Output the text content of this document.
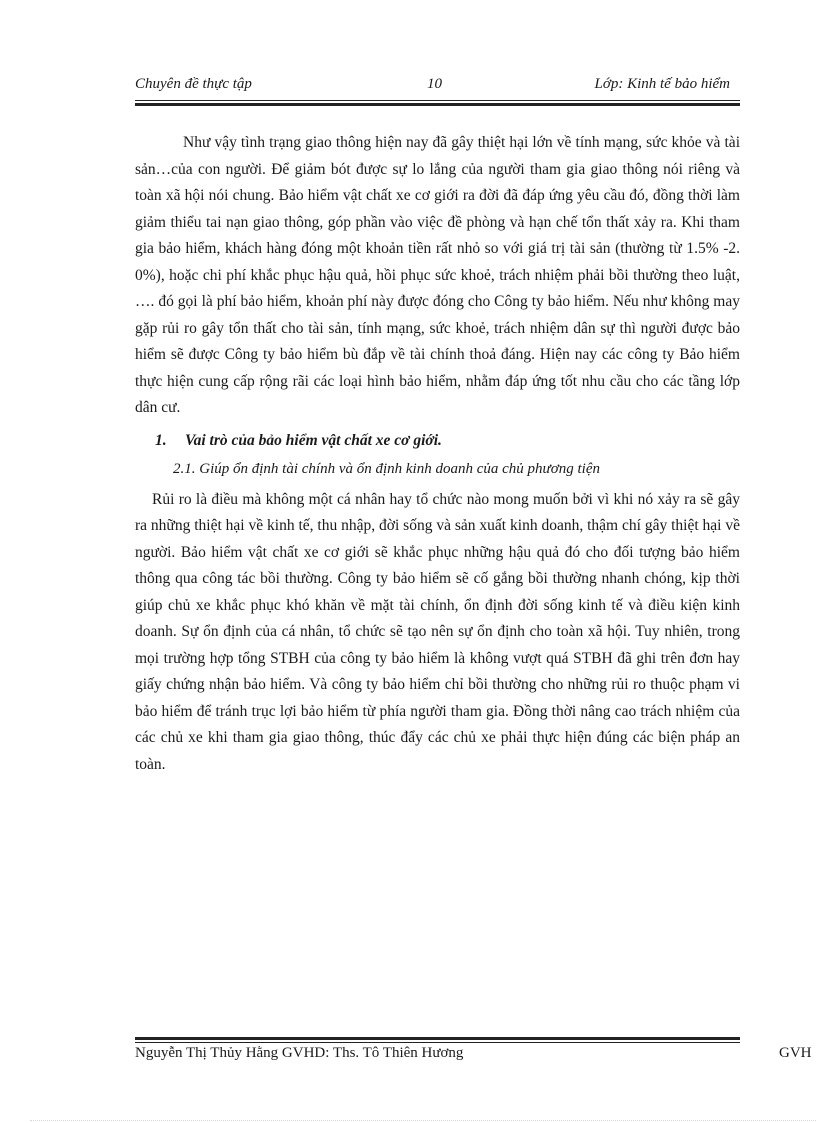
Chuyên đề thực tập	10	Lớp: Kinh tế bảo hiểm

Như vậy tình trạng giao thông hiện nay đã gây thiệt hại lớn về tính mạng, sức khỏe và tài sản…của con người. Để giảm bót được sự lo lắng của người tham gia giao thông nói riêng và toàn xã hội nói chung. Bảo hiểm vật chất xe cơ giới ra đời đã đáp ứng yêu cầu đó, đồng thời làm giảm thiểu tai nạn giao thông, góp phần vào việc đề phòng và hạn chế tổn thất xảy ra. Khi tham gia bảo hiểm, khách hàng đóng một khoản tiền rất nhỏ so với giá trị tài sản (thường từ 1.5% -2. 0%), hoặc chi phí khắc phục hậu quả, hồi phục sức khoẻ, trách nhiệm phải bồi thường theo luật, …. đó gọi là phí bảo hiểm, khoản phí này được đóng cho Công ty bảo hiểm. Nếu như không may gặp rủi ro gây tổn thất cho tài sản, tính mạng, sức khoẻ, trách nhiệm dân sự thì người được bảo hiểm sẽ được Công ty bảo hiểm bù đắp về tài chính thoả đáng. Hiện nay các công ty Bảo hiểm thực hiện cung cấp rộng rãi các loại hình bảo hiểm, nhằm đáp ứng tốt nhu cầu cho các tầng lớp dân cư.

1. Vai trò của bảo hiểm vật chất xe cơ giới.

2.1. Giúp ổn định tài chính và ổn định kinh doanh của chủ phương tiện

Rủi ro là điều mà không một cá nhân hay tổ chức nào mong muốn bởi vì khi nó xảy ra sẽ gây ra những thiệt hại về kinh tế, thu nhập, đời sống và sản xuất kinh doanh, thậm chí gây thiệt hại về người. Bảo hiểm vật chất xe cơ giới sẽ khắc phục những hậu quả đó cho đối tượng bảo hiểm thông qua công tác bồi thường. Công ty bảo hiểm sẽ cố gắng bồi thường nhanh chóng, kịp thời giúp chủ xe khắc phục khó khăn về mặt tài chính, ổn định đời sống kinh tế và điều kiện kinh doanh. Sự ổn định của cá nhân, tổ chức sẽ tạo nên sự ổn định cho toàn xã hội. Tuy nhiên, trong mọi trường hợp tổng STBH của công ty bảo hiểm là không vượt quá STBH đã ghi trên đơn hay giấy chứng nhận bảo hiểm. Và công ty bảo hiểm chỉ bồi thường cho những rủi ro thuộc phạm vi bảo hiểm để tránh trục lợi bảo hiểm từ phía người tham gia. Đồng thời nâng cao trách nhiệm của các chủ xe khi tham gia giao thông, thúc đẩy các chủ xe phải thực hiện đúng các biện pháp an toàn.

Nguyễn Thị Thủy Hằng GVHD: Ths. Tô Thiên Hương	GVH
